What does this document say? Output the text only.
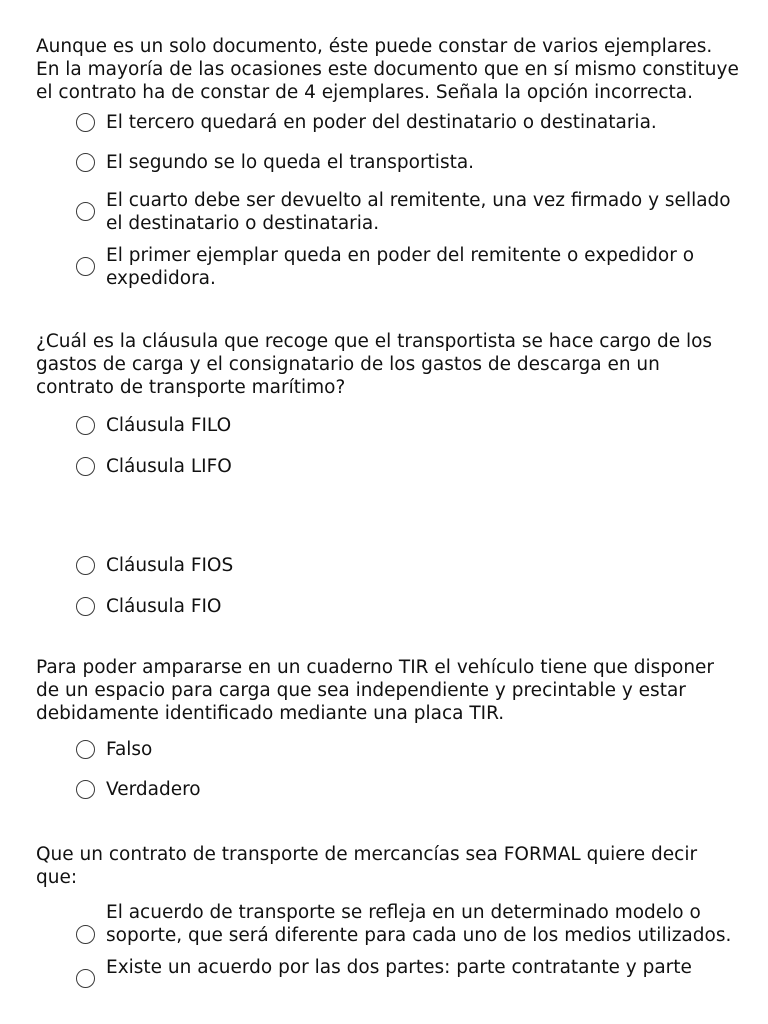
Aunque es un solo documento, éste puede constar de varios ejemplares. En la mayoría de las ocasiones este documento que en sí mismo constituye el contrato ha de constar de 4 ejemplares. Señala la opción incorrecta.

El tercero quedará en poder del destinatario o destinataria.
El segundo se lo queda el transportista.
El cuarto debe ser devuelto al remitente, una vez firmado y sellado el destinatario o destinataria.
El primer ejemplar queda en poder del remitente o expedidor o expedidora.

¿Cuál es la cláusula que recoge que el transportista se hace cargo de los gastos de carga y el consignatario de los gastos de descarga en un contrato de transporte marítimo?

Cláusula FILO
Cláusula LIFO
Cláusula FIOS
Cláusula FIO

Para poder ampararse en un cuaderno TIR el vehículo tiene que disponer de un espacio para carga que sea independiente y precintable y estar debidamente identificado mediante una placa TIR.

Falso
Verdadero

Que un contrato de transporte de mercancías sea FORMAL quiere decir que:

El acuerdo de transporte se refleja en un determinado modelo o soporte, que será diferente para cada uno de los medios utilizados.
Existe un acuerdo por las dos partes: parte contratante y parte
